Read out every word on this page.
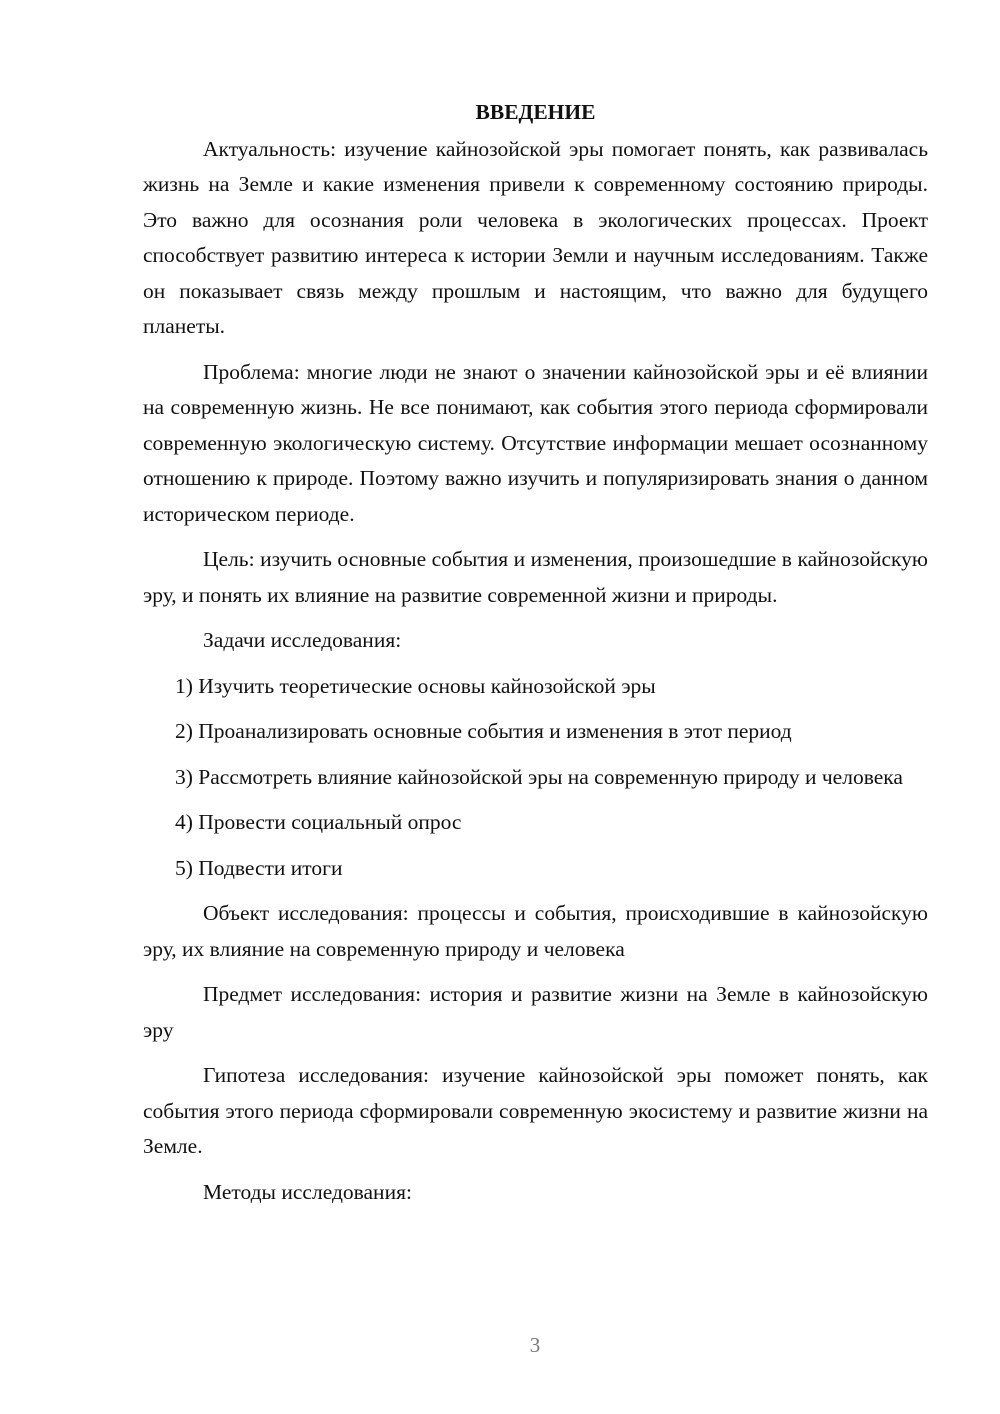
ВВЕДЕНИЕ

Актуальность: изучение кайнозойской эры помогает понять, как развивалась жизнь на Земле и какие изменения привели к современному состоянию природы. Это важно для осознания роли человека в экологических процессах. Проект способствует развитию интереса к истории Земли и научным исследованиям. Также он показывает связь между прошлым и настоящим, что важно для будущего планеты.

Проблема: многие люди не знают о значении кайнозойской эры и её влиянии на современную жизнь. Не все понимают, как события этого периода сформировали современную экологическую систему. Отсутствие информации мешает осознанному отношению к природе. Поэтому важно изучить и популяризировать знания о данном историческом периоде.

Цель: изучить основные события и изменения, произошедшие в кайнозойскую эру, и понять их влияние на развитие современной жизни и природы.

Задачи исследования:

1) Изучить теоретические основы кайнозойской эры

2) Проанализировать основные события и изменения в этот период

3) Рассмотреть влияние кайнозойской эры на современную природу и человека

4) Провести социальный опрос

5) Подвести итоги

Объект исследования: процессы и события, происходившие в кайнозойскую эру, их влияние на современную природу и человека

Предмет исследования: история и развитие жизни на Земле в кайнозойскую эру

Гипотеза исследования: изучение кайнозойской эры поможет понять, как события этого периода сформировали современную экосистему и развитие жизни на Земле.

Методы исследования:

3
